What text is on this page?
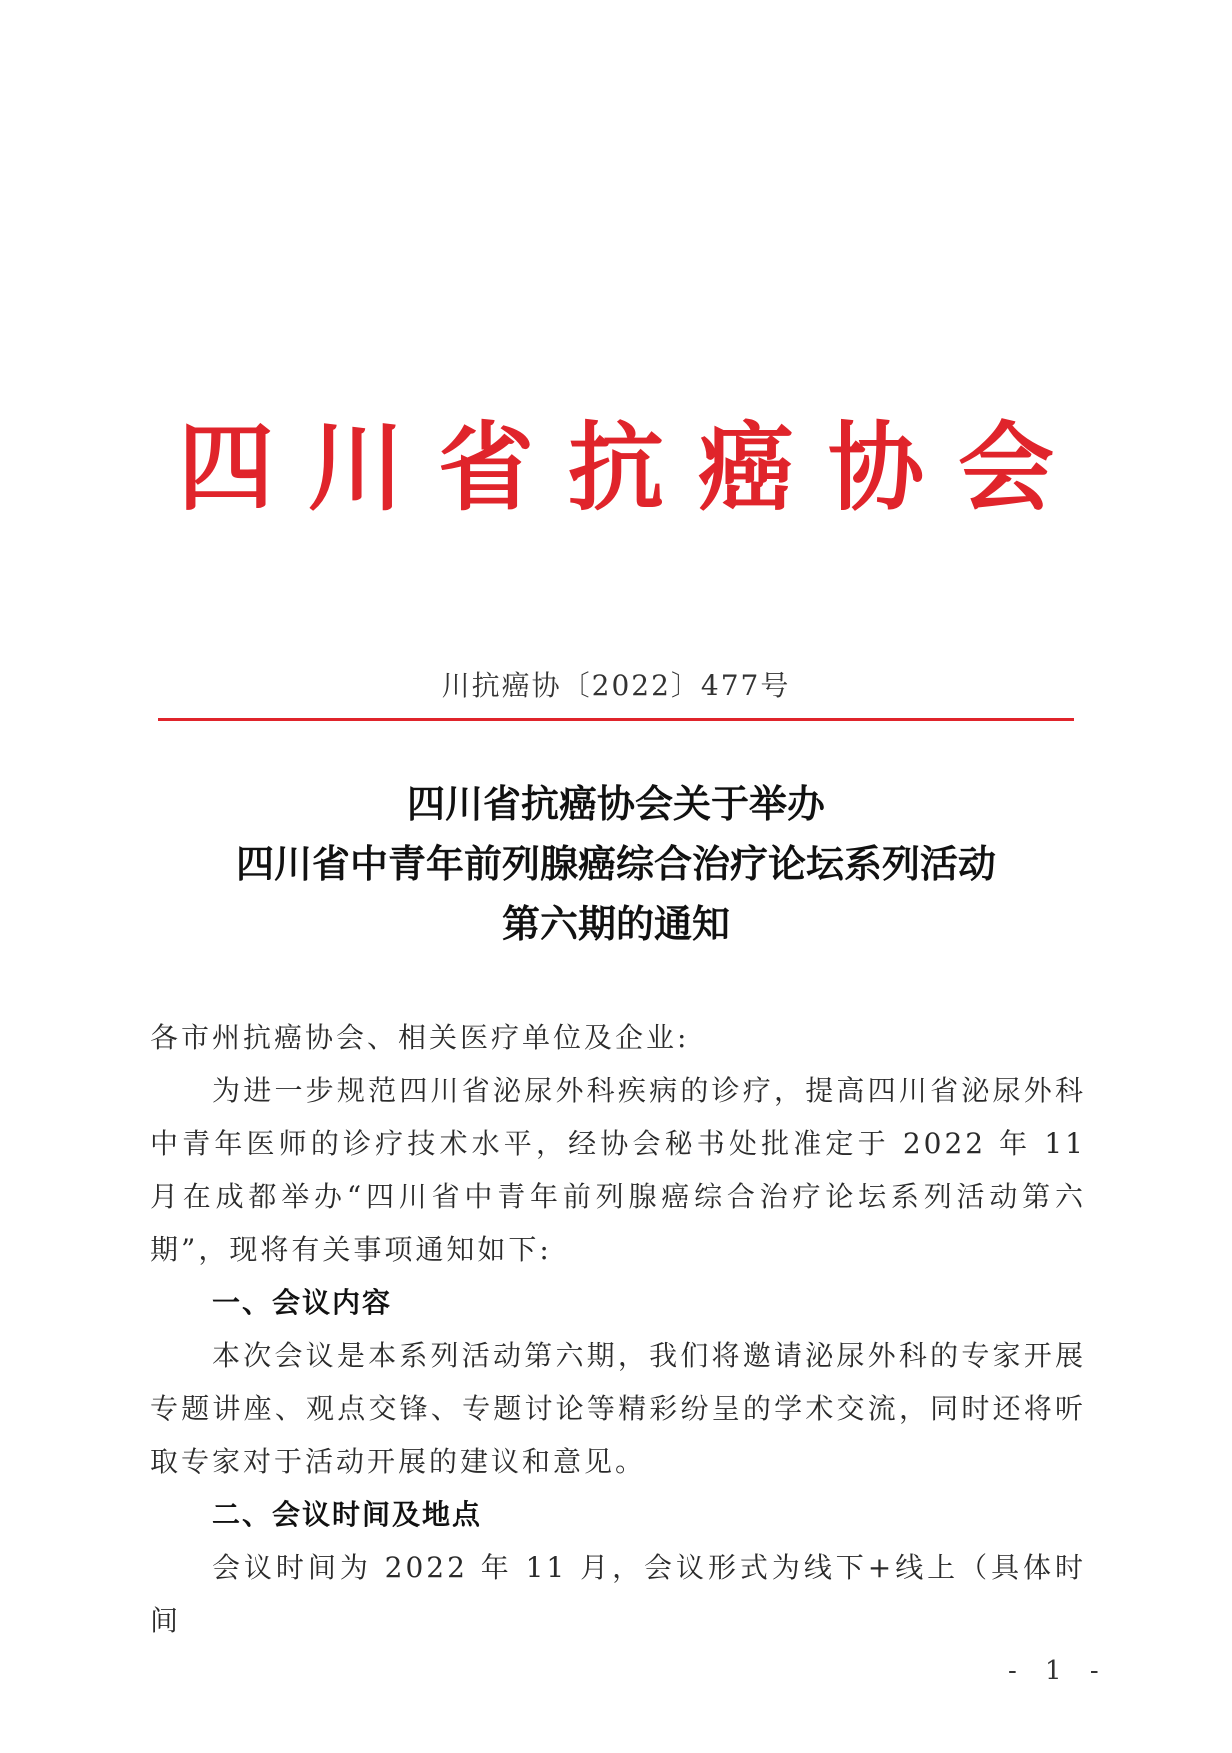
四川省抗癌协会
川抗癌协〔2022〕477号
四川省抗癌协会关于举办
四川省中青年前列腺癌综合治疗论坛系列活动
第六期的通知

各市州抗癌协会、相关医疗单位及企业:

为进一步规范四川省泌尿外科疾病的诊疗，提高四川省泌尿外科中青年医师的诊疗技术水平，经协会秘书处批准定于 2022 年 11 月在成都举办“四川省中青年前列腺癌综合治疗论坛系列活动第六期”，现将有关事项通知如下:

一、会议内容

本次会议是本系列活动第六期，我们将邀请泌尿外科的专家开展专题讲座、观点交锋、专题讨论等精彩纷呈的学术交流，同时还将听取专家对于活动开展的建议和意见。

二、会议时间及地点

会议时间为 2022 年 11 月，会议形式为线下+线上（具体时间

- 1 -
